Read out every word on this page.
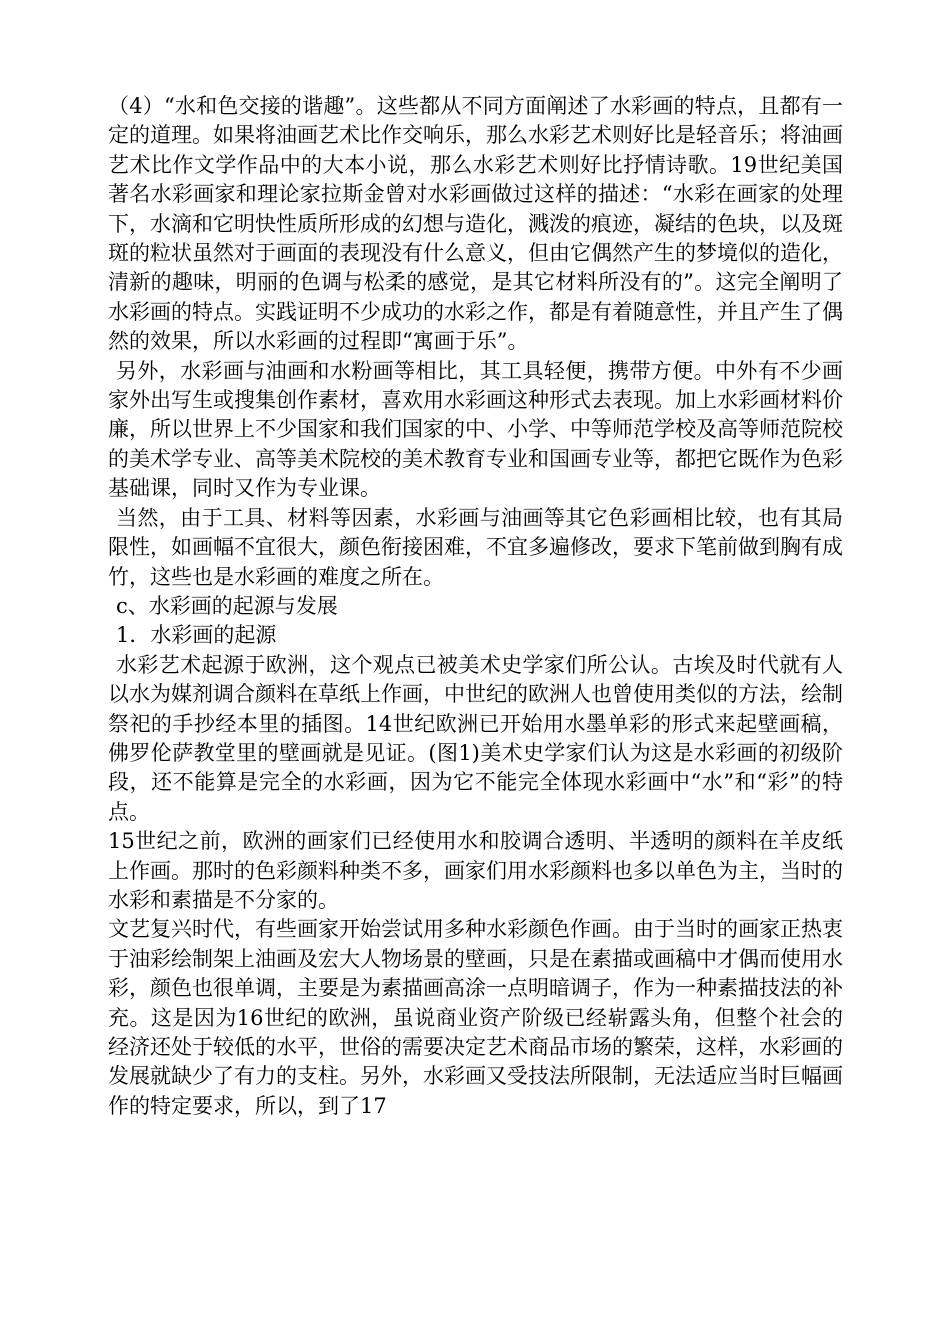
（4）“水和色交接的谐趣”。这些都从不同方面阐述了水彩画的特点，且都有一定的道理。如果将油画艺术比作交响乐，那么水彩艺术则好比是轻音乐；将油画艺术比作文学作品中的大本小说，那么水彩艺术则好比抒情诗歌。19世纪美国著名水彩画家和理论家拉斯金曾对水彩画做过这样的描述：“水彩在画家的处理下，水滴和它明快性质所形成的幻想与造化，溅泼的痕迹，凝结的色块，以及斑斑的粒状虽然对于画面的表现没有什么意义，但由它偶然产生的梦境似的造化，清新的趣味，明丽的色调与松柔的感觉，是其它材料所没有的”。这完全阐明了水彩画的特点。实践证明不少成功的水彩之作，都是有着随意性，并且产生了偶然的效果，所以水彩画的过程即“寓画于乐”。

另外，水彩画与油画和水粉画等相比，其工具轻便，携带方便。中外有不少画家外出写生或搜集创作素材，喜欢用水彩画这种形式去表现。加上水彩画材料价廉，所以世界上不少国家和我们国家的中、小学、中等师范学校及高等师范院校的美术学专业、高等美术院校的美术教育专业和国画专业等，都把它既作为色彩基础课，同时又作为专业课。

当然，由于工具、材料等因素，水彩画与油画等其它色彩画相比较，也有其局限性，如画幅不宜很大，颜色衔接困难，不宜多遍修改，要求下笔前做到胸有成竹，这些也是水彩画的难度之所在。

c、水彩画的起源与发展

1．水彩画的起源

水彩艺术起源于欧洲，这个观点已被美术史学家们所公认。古埃及时代就有人以水为媒剂调合颜料在草纸上作画，中世纪的欧洲人也曾使用类似的方法，绘制祭祀的手抄经本里的插图。14世纪欧洲已开始用水墨单彩的形式来起壁画稿，佛罗伦萨教堂里的壁画就是见证。(图1)美术史学家们认为这是水彩画的初级阶段，还不能算是完全的水彩画，因为它不能完全体现水彩画中“水”和“彩”的特点。

15世纪之前，欧洲的画家们已经使用水和胶调合透明、半透明的颜料在羊皮纸上作画。那时的色彩颜料种类不多，画家们用水彩颜料也多以单色为主，当时的水彩和素描是不分家的。

文艺复兴时代，有些画家开始尝试用多种水彩颜色作画。由于当时的画家正热衷于油彩绘制架上油画及宏大人物场景的壁画，只是在素描或画稿中才偶而使用水彩，颜色也很单调，主要是为素描画高涂一点明暗调子，作为一种素描技法的补充。这是因为16世纪的欧洲，虽说商业资产阶级已经崭露头角，但整个社会的经济还处于较低的水平，世俗的需要决定艺术商品市场的繁荣，这样，水彩画的发展就缺少了有力的支柱。另外，水彩画又受技法所限制，无法适应当时巨幅画作的特定要求，所以，到了17
